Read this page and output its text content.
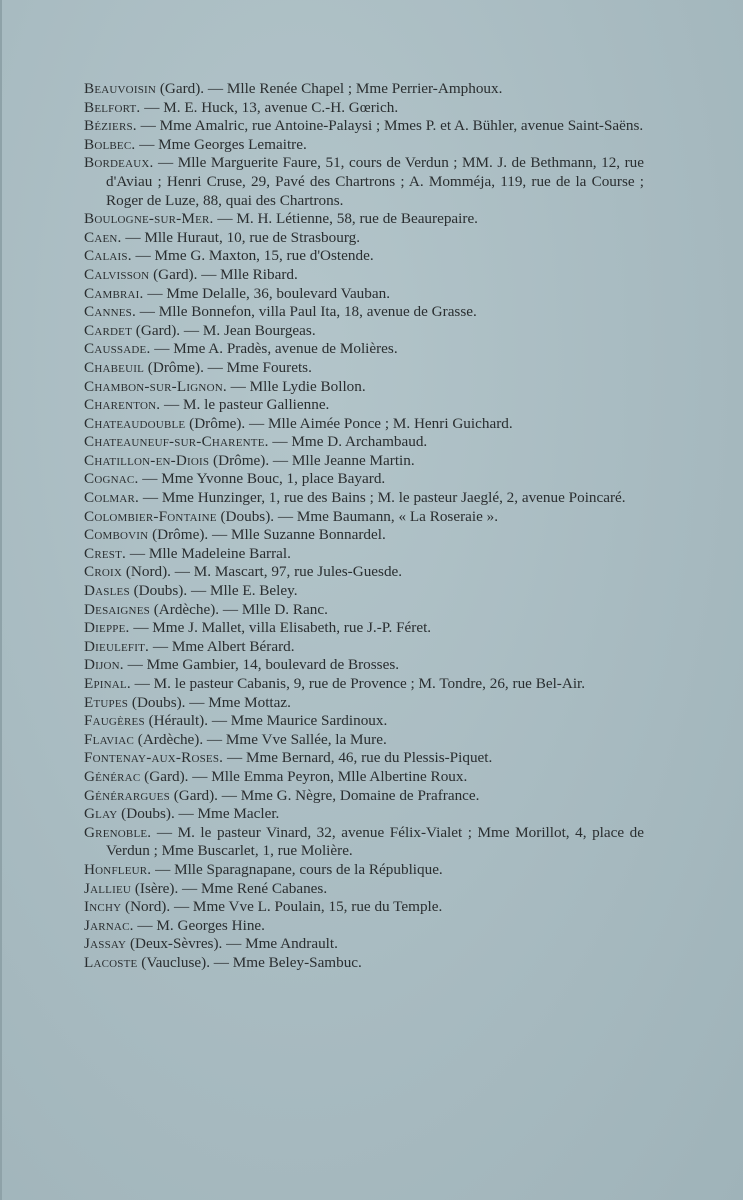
Beauvoisin (Gard). — Mlle Renée Chapel ; Mme Perrier-Amphoux.

Belfort. — M. E. Huck, 13, avenue C.-H. Gœrich.

Béziers. — Mme Amalric, rue Antoine-Palaysi ; Mmes P. et A. Bühler, avenue Saint-Saëns.

Bolbec. — Mme Georges Lemaitre.

Bordeaux. — Mlle Marguerite Faure, 51, cours de Verdun ; MM. J. de Bethmann, 12, rue d'Aviau ; Henri Cruse, 29, Pavé des Chartrons ; A. Momméja, 119, rue de la Course ; Roger de Luze, 88, quai des Chartrons.

Boulogne-sur-Mer. — M. H. Létienne, 58, rue de Beaurepaire.

Caen. — Mlle Huraut, 10, rue de Strasbourg.

Calais. — Mme G. Maxton, 15, rue d'Ostende.

Calvisson (Gard). — Mlle Ribard.

Cambrai. — Mme Delalle, 36, boulevard Vauban.

Cannes. — Mlle Bonnefon, villa Paul Ita, 18, avenue de Grasse.

Cardet (Gard). — M. Jean Bourgeas.

Caussade. — Mme A. Pradès, avenue de Molières.

Chabeuil (Drôme). — Mme Fourets.

Chambon-sur-Lignon. — Mlle Lydie Bollon.

Charenton. — M. le pasteur Gallienne.

Chateaudouble (Drôme). — Mlle Aimée Ponce ; M. Henri Guichard.

Chateauneuf-sur-Charente. — Mme D. Archambaud.

Chatillon-en-Diois (Drôme). — Mlle Jeanne Martin.

Cognac. — Mme Yvonne Bouc, 1, place Bayard.

Colmar. — Mme Hunzinger, 1, rue des Bains ; M. le pasteur Jaeglé, 2, avenue Poincaré.

Colombier-Fontaine (Doubs). — Mme Baumann, « La Roseraie ».

Combovin (Drôme). — Mlle Suzanne Bonnardel.

Crest. — Mlle Madeleine Barral.

Croix (Nord). — M. Mascart, 97, rue Jules-Guesde.

Dasles (Doubs). — Mlle E. Beley.

Desaignes (Ardèche). — Mlle D. Ranc.

Dieppe. — Mme J. Mallet, villa Elisabeth, rue J.-P. Féret.

Dieulefit. — Mme Albert Bérard.

Dijon. — Mme Gambier, 14, boulevard de Brosses.

Epinal. — M. le pasteur Cabanis, 9, rue de Provence ; M. Tondre, 26, rue Bel-Air.

Etupes (Doubs). — Mme Mottaz.

Faugères (Hérault). — Mme Maurice Sardinoux.

Flaviac (Ardèche). — Mme Vve Sallée, la Mure.

Fontenay-aux-Roses. — Mme Bernard, 46, rue du Plessis-Piquet.

Générac (Gard). — Mlle Emma Peyron, Mlle Albertine Roux.

Générargues (Gard). — Mme G. Nègre, Domaine de Prafrance.

Glay (Doubs). — Mme Macler.

Grenoble. — M. le pasteur Vinard, 32, avenue Félix-Vialet ; Mme Morillot, 4, place de Verdun ; Mme Buscarlet, 1, rue Molière.

Honfleur. — Mlle Sparagnapane, cours de la République.

Jallieu (Isère). — Mme René Cabanes.

Inchy (Nord). — Mme Vve L. Poulain, 15, rue du Temple.

Jarnac. — M. Georges Hine.

Jassay (Deux-Sèvres). — Mme Andrault.

Lacoste (Vaucluse). — Mme Beley-Sambuc.
